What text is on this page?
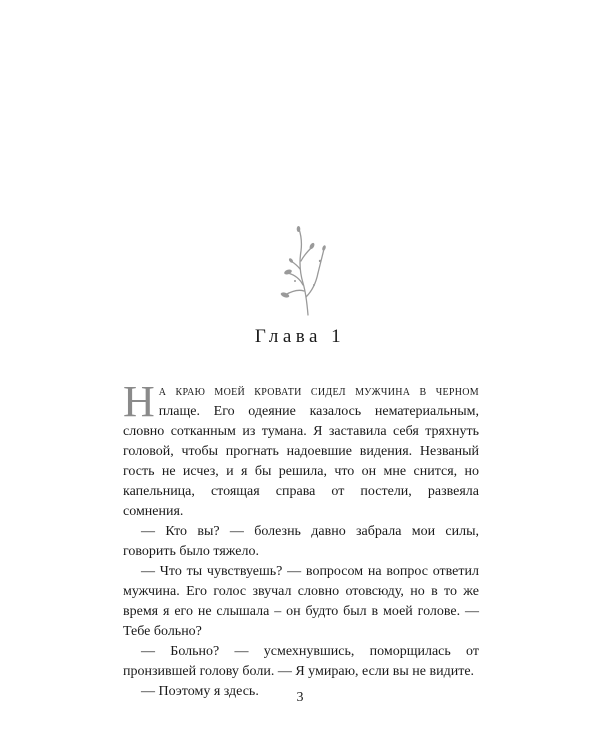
Глава 1

На краю моей кровати сидел мужчина в черном плаще. Его одеяние казалось нематериальным, словно сотканным из тумана. Я заставила себя тряхнуть головой, чтобы прогнать надоевшие видения. Незваный гость не исчез, и я бы решила, что он мне снится, но капельница, стоящая справа от постели, развеяла сомнения.

— Кто вы? — болезнь давно забрала мои силы, говорить было тяжело.

— Что ты чувствуешь? — вопросом на вопрос ответил мужчина. Его голос звучал словно отовсюду, но в то же время я его не слышала – он будто был в моей голове. — Тебе больно?

— Больно? — усмехнувшись, поморщилась от пронзившей голову боли. — Я умираю, если вы не видите.

— Поэтому я здесь.	3
